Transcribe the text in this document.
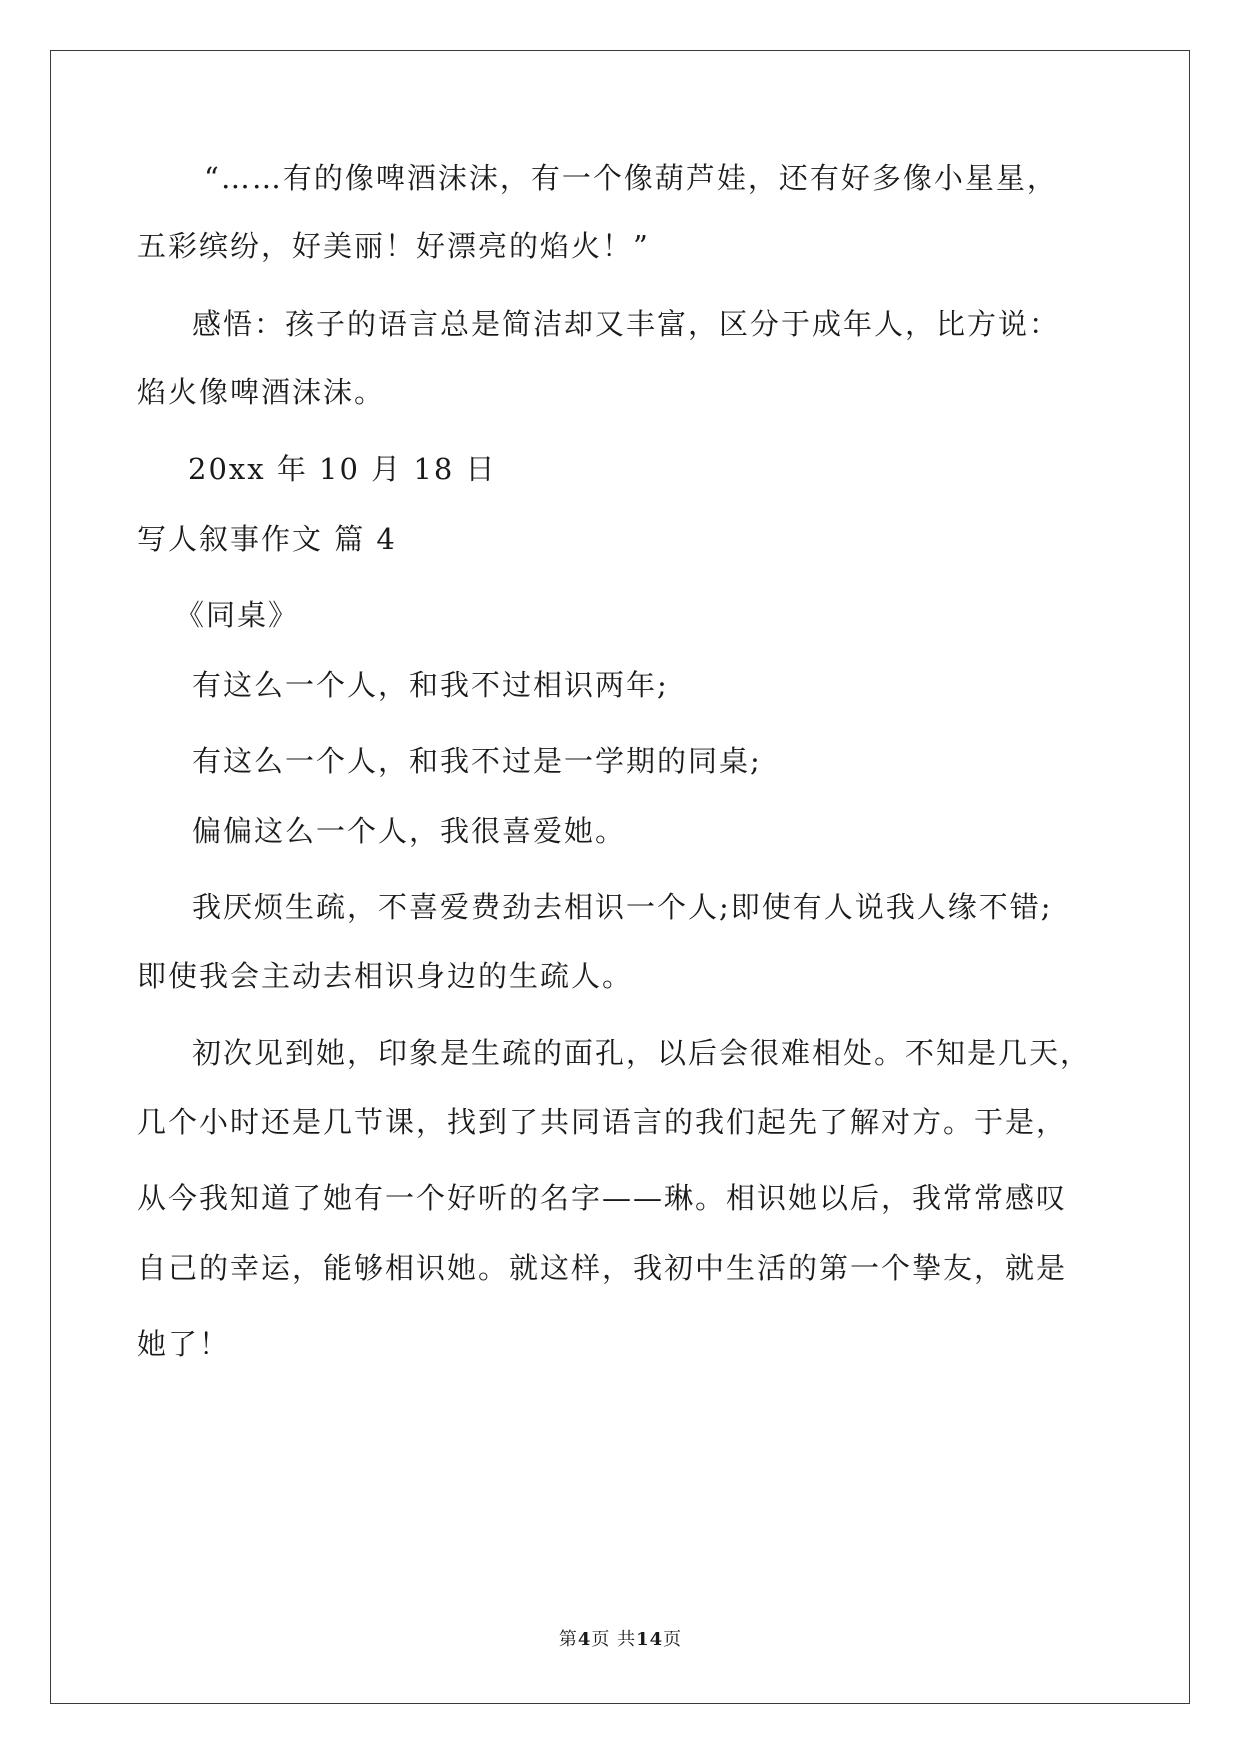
“……有的像啤酒沫沫，有一个像葫芦娃，还有好多像小星星，

五彩缤纷，好美丽！好漂亮的焰火！”

感悟：孩子的语言总是简洁却又丰富，区分于成年人，比方说：

焰火像啤酒沫沫。

20xx 年 10 月 18 日

写人叙事作文 篇 4

《同桌》

有这么一个人，和我不过相识两年;

有这么一个人，和我不过是一学期的同桌;

偏偏这么一个人，我很喜爱她。

我厌烦生疏，不喜爱费劲去相识一个人;即使有人说我人缘不错;

即使我会主动去相识身边的生疏人。

初次见到她，印象是生疏的面孔，以后会很难相处。不知是几天，

几个小时还是几节课，找到了共同语言的我们起先了解对方。于是，

从今我知道了她有一个好听的名字——琳。相识她以后，我常常感叹

自己的幸运，能够相识她。就这样，我初中生活的第一个挚友，就是

她了！

第4页 共14页
